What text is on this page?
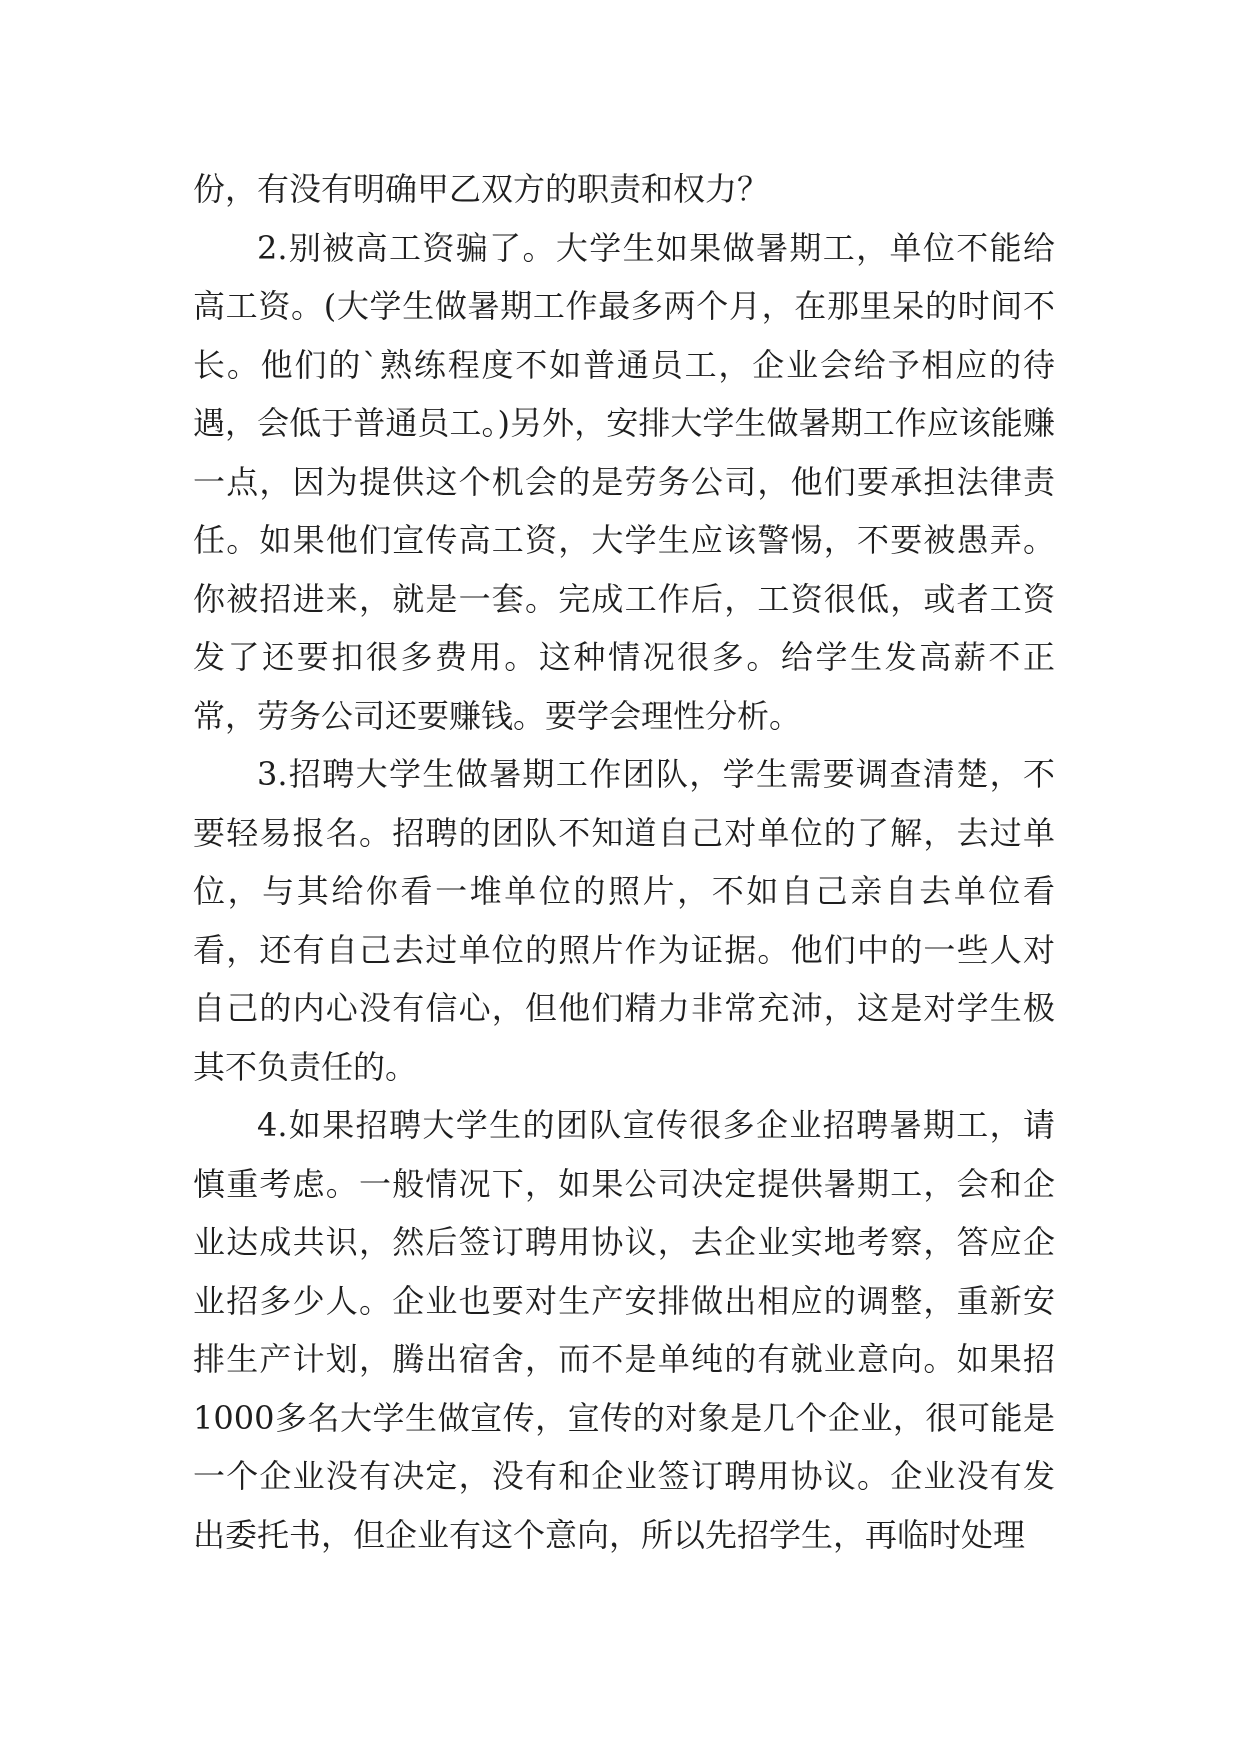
份，有没有明确甲乙双方的职责和权力？

2.别被高工资骗了。大学生如果做暑期工，单位不能给高工资。(大学生做暑期工作最多两个月，在那里呆的时间不长。他们的`熟练程度不如普通员工，企业会给予相应的待遇，会低于普通员工。)另外，安排大学生做暑期工作应该能赚一点，因为提供这个机会的是劳务公司，他们要承担法律责任。如果他们宣传高工资，大学生应该警惕，不要被愚弄。你被招进来，就是一套。完成工作后，工资很低，或者工资发了还要扣很多费用。这种情况很多。给学生发高薪不正常，劳务公司还要赚钱。要学会理性分析。

3.招聘大学生做暑期工作团队，学生需要调查清楚，不要轻易报名。招聘的团队不知道自己对单位的了解，去过单位，与其给你看一堆单位的照片，不如自己亲自去单位看看，还有自己去过单位的照片作为证据。他们中的一些人对自己的内心没有信心，但他们精力非常充沛，这是对学生极其不负责任的。

4.如果招聘大学生的团队宣传很多企业招聘暑期工，请慎重考虑。一般情况下，如果公司决定提供暑期工，会和企业达成共识，然后签订聘用协议，去企业实地考察，答应企业招多少人。企业也要对生产安排做出相应的调整，重新安排生产计划，腾出宿舍，而不是单纯的有就业意向。如果招1000多名大学生做宣传，宣传的对象是几个企业，很可能是一个企业没有决定，没有和企业签订聘用协议。企业没有发出委托书，但企业有这个意向，所以先招学生，再临时处理
